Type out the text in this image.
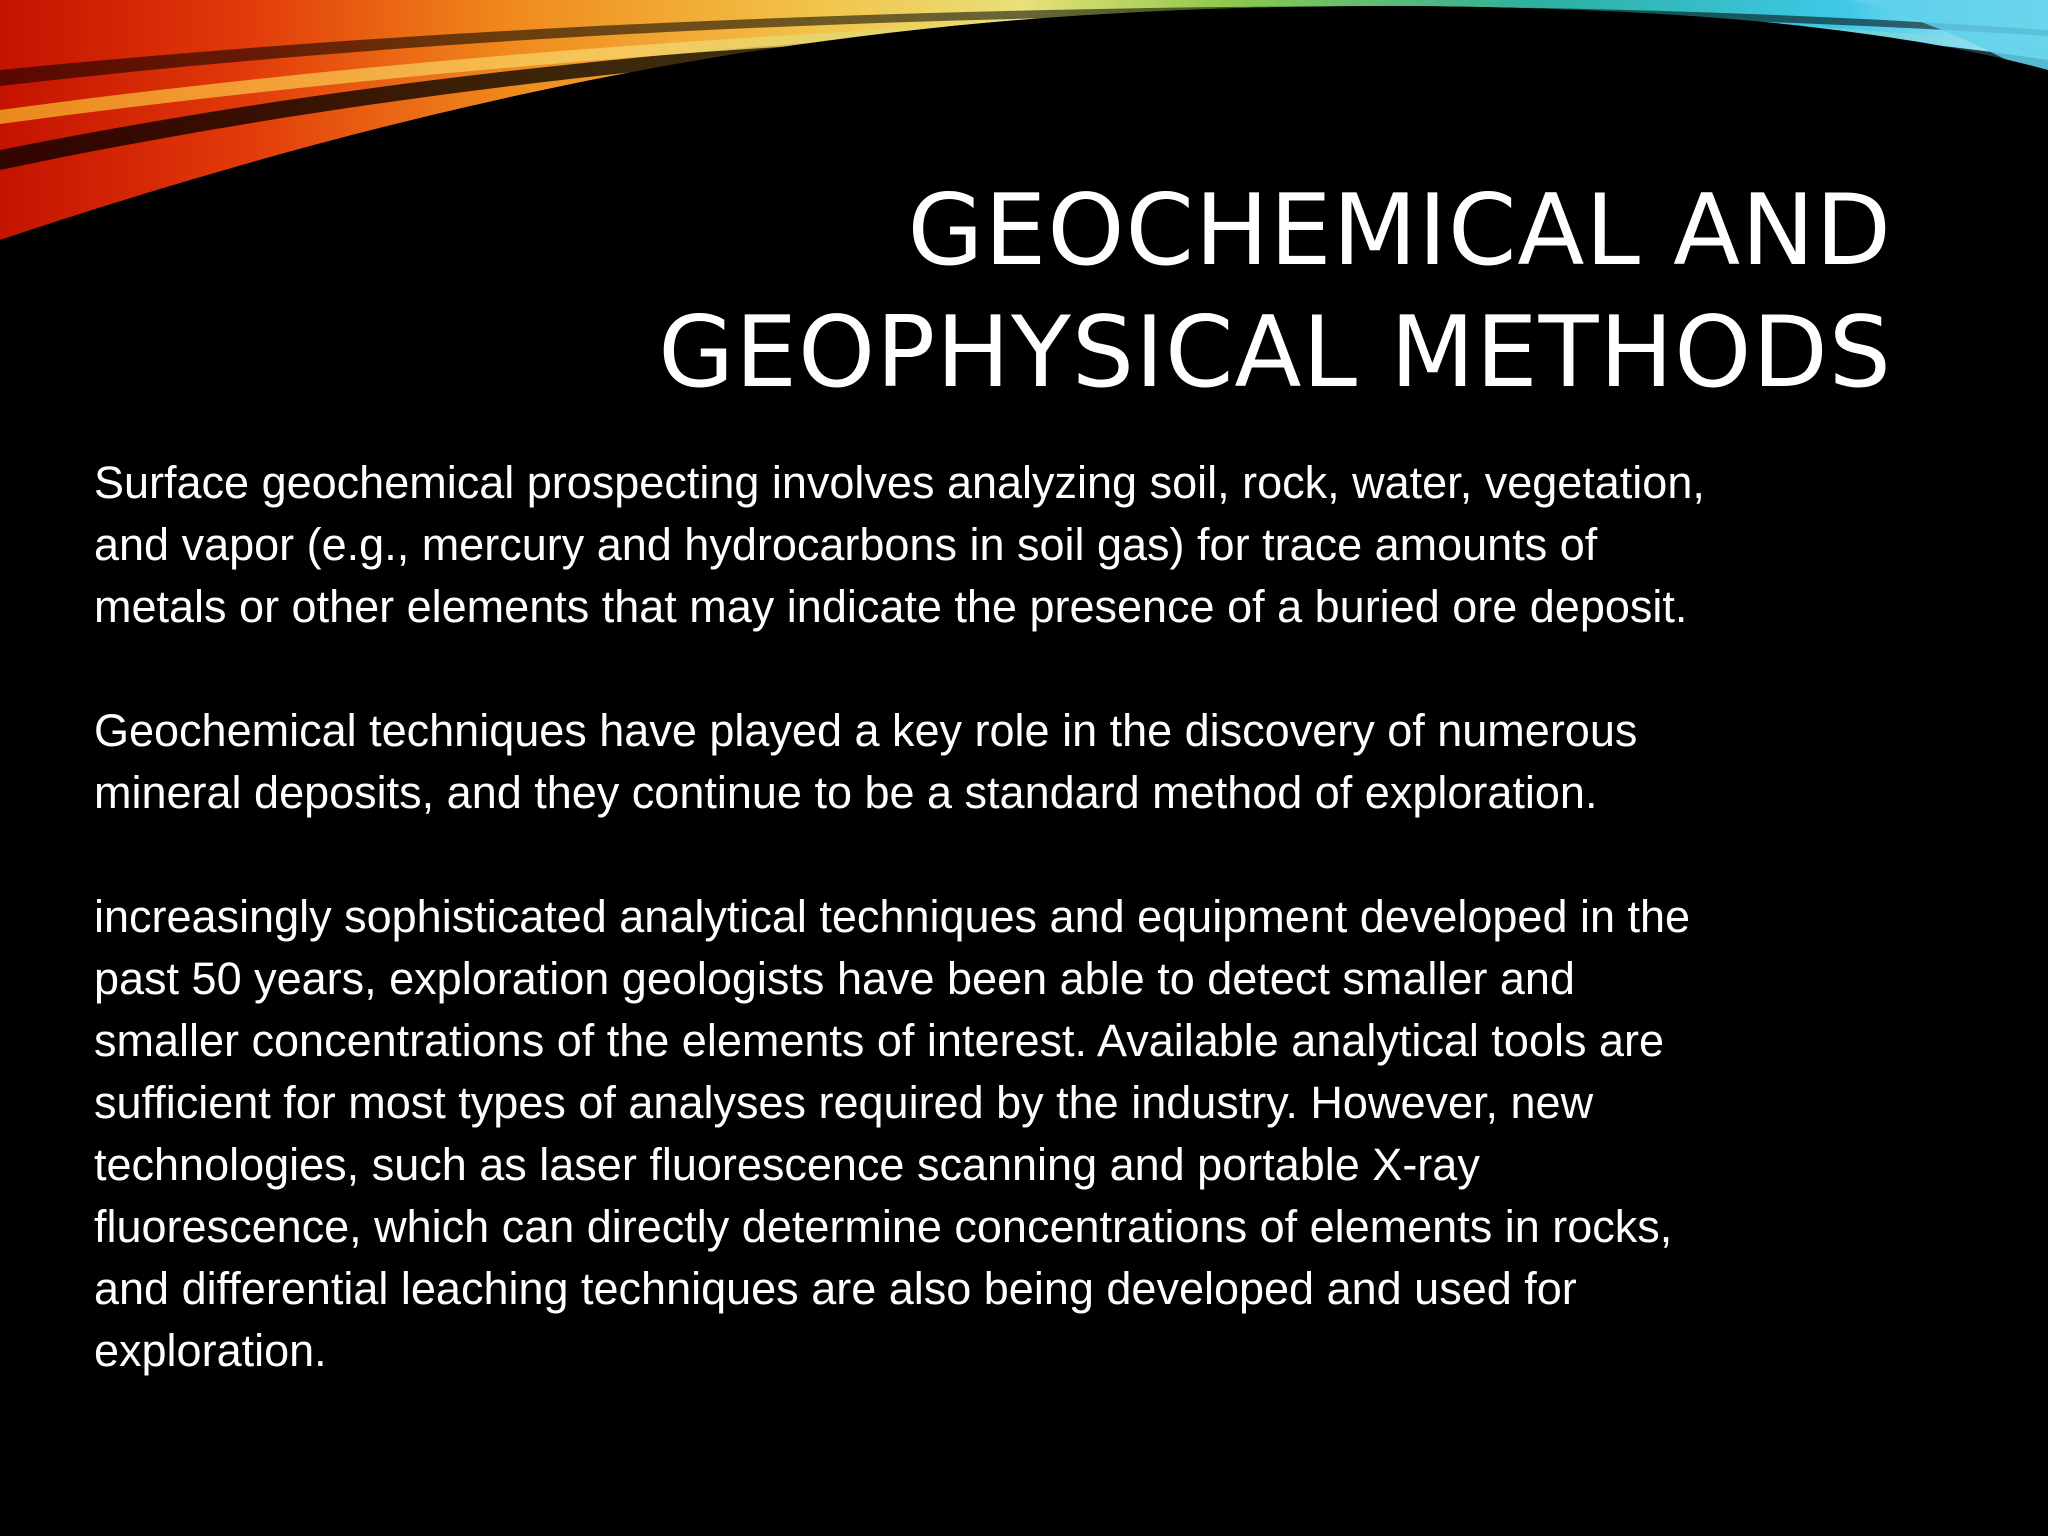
GEOCHEMICAL AND
GEOPHYSICAL METHODS

Surface geochemical prospecting involves analyzing soil, rock, water, vegetation,
and vapor (e.g., mercury and hydrocarbons in soil gas) for trace amounts of
metals or other elements that may indicate the presence of a buried ore deposit.

Geochemical techniques have played a key role in the discovery of numerous
mineral deposits, and they continue to be a standard method of exploration.

increasingly sophisticated analytical techniques and equipment developed in the
past 50 years, exploration geologists have been able to detect smaller and
smaller concentrations of the elements of interest. Available analytical tools are
sufficient for most types of analyses required by the industry. However, new
technologies, such as laser fluorescence scanning and portable X-ray
fluorescence, which can directly determine concentrations of elements in rocks,
and differential leaching techniques are also being developed and used for
exploration.
